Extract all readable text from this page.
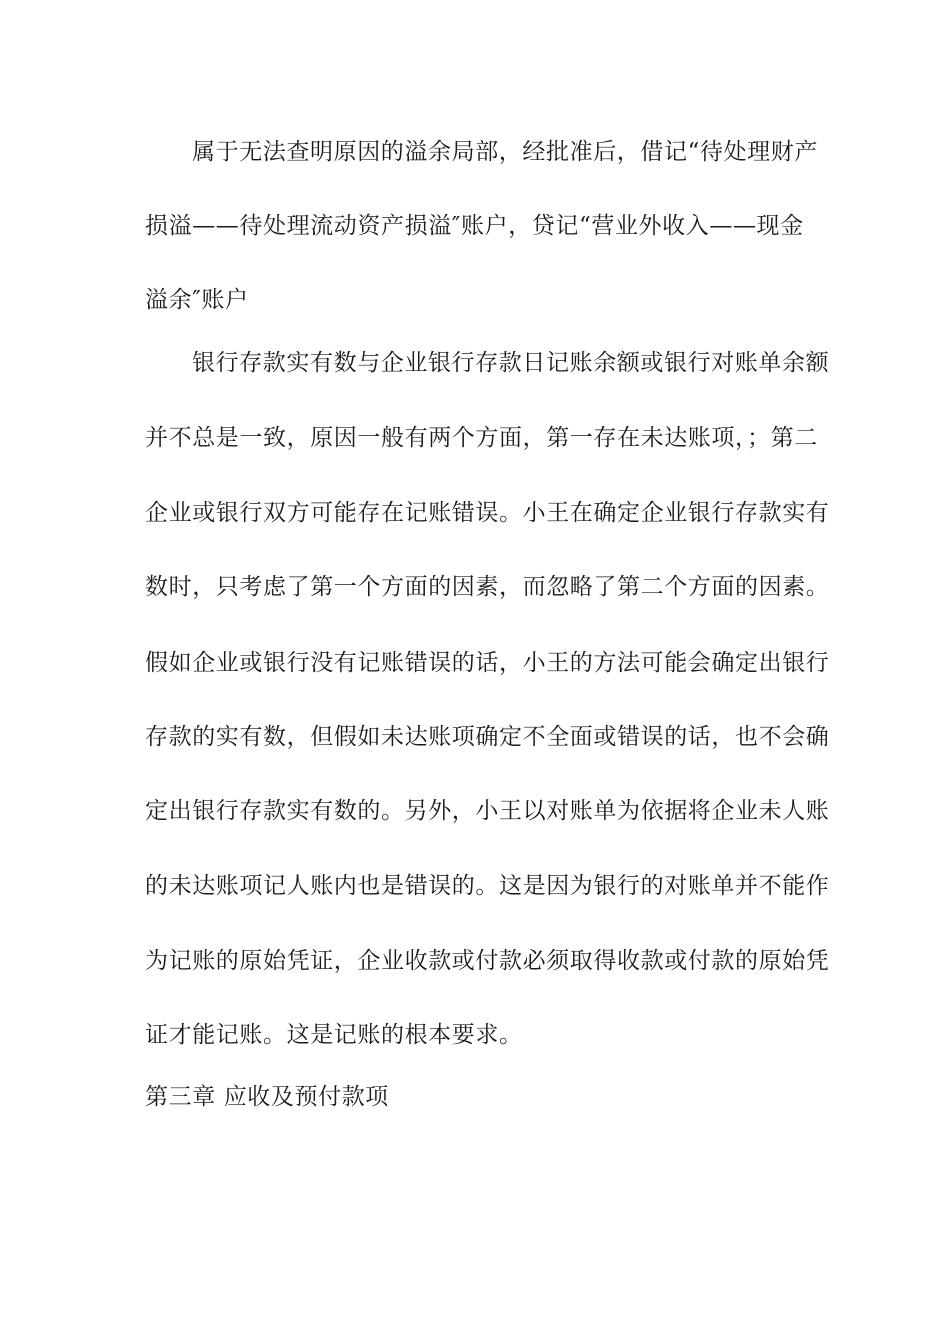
属于无法查明原因的溢余局部，经批准后，借记“待处理财产
损溢——待处理流动资产损溢″账户，贷记“营业外收入——现金
溢余″账户
银行存款实有数与企业银行存款日记账余额或银行对账单余额
并不总是一致，原因一般有两个方面，第一存在未达账项，；第二
企业或银行双方可能存在记账错误。小王在确定企业银行存款实有
数时，只考虑了第一个方面的因素，而忽略了第二个方面的因素。
假如企业或银行没有记账错误的话，小王的方法可能会确定出银行
存款的实有数，但假如未达账项确定不全面或错误的话，也不会确
定出银行存款实有数的。另外，小王以对账单为依据将企业未人账
的未达账项记人账内也是错误的。这是因为银行的对账单并不能作
为记账的原始凭证，企业收款或付款必须取得收款或付款的原始凭
证才能记账。这是记账的根本要求。
第三章 应收及预付款项
